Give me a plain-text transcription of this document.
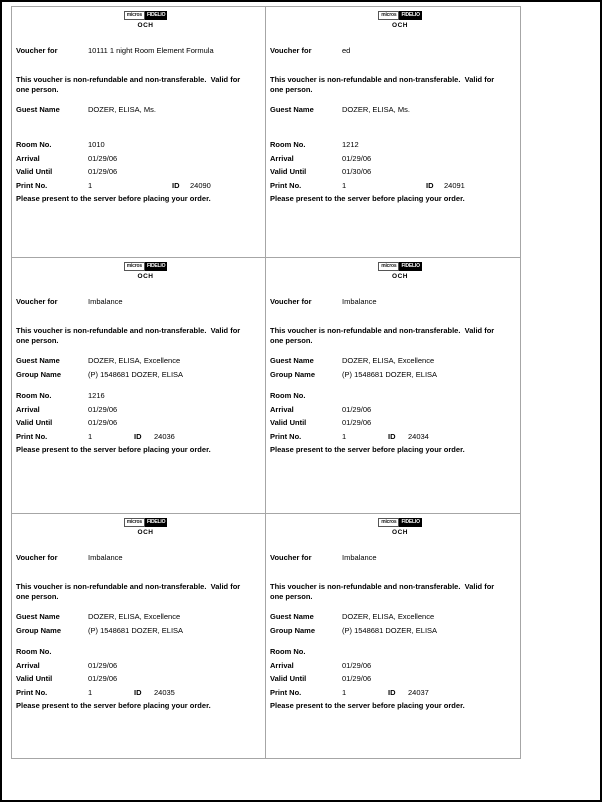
micros	FIDELIO
OCH
Voucher for	10111 1 night Room Element Formula
This voucher is non-refundable and non-transferable.  Valid for
one person.
Guest Name	DOZER, ELISA, Ms.
Room No.	1010
Arrival	01/29/06
Valid Until	01/29/06
Print No.	1	ID 24090
Please present to the server before placing your order.
micros	FIDELIO
OCH
Voucher for	ed
This voucher is non-refundable and non-transferable.  Valid for
one person.
Guest Name	DOZER, ELISA, Ms.
Room No.	1212
Arrival	01/29/06
Valid Until	01/30/06
Print No.	1	ID 24091
Please present to the server before placing your order.
micros	FIDELIO
OCH
Voucher for	Imbalance
This voucher is non-refundable and non-transferable.  Valid for
one person.
Guest Name	DOZER, ELISA, Excellence
Group Name	(P) 1548681 DOZER, ELISA
Room No.	1216
Arrival	01/29/06
Valid Until	01/29/06
Print No.	1	ID 24036
Please present to the server before placing your order.
micros	FIDELIO
OCH
Voucher for	Imbalance
This voucher is non-refundable and non-transferable.  Valid for
one person.
Guest Name	DOZER, ELISA, Excellence
Group Name	(P) 1548681 DOZER, ELISA
Room No.
Arrival	01/29/06
Valid Until	01/29/06
Print No.	1	ID 24034
Please present to the server before placing your order.
micros	FIDELIO
OCH
Voucher for	Imbalance
This voucher is non-refundable and non-transferable.  Valid for
one person.
Guest Name	DOZER, ELISA, Excellence
Group Name	(P) 1548681 DOZER, ELISA
Room No.
Arrival	01/29/06
Valid Until	01/29/06
Print No.	1	ID 24035
Please present to the server before placing your order.
micros	FIDELIO
OCH
Voucher for	Imbalance
This voucher is non-refundable and non-transferable.  Valid for
one person.
Guest Name	DOZER, ELISA, Excellence
Group Name	(P) 1548681 DOZER, ELISA
Room No.
Arrival	01/29/06
Valid Until	01/29/06
Print No.	1	ID 24037
Please present to the server before placing your order.
